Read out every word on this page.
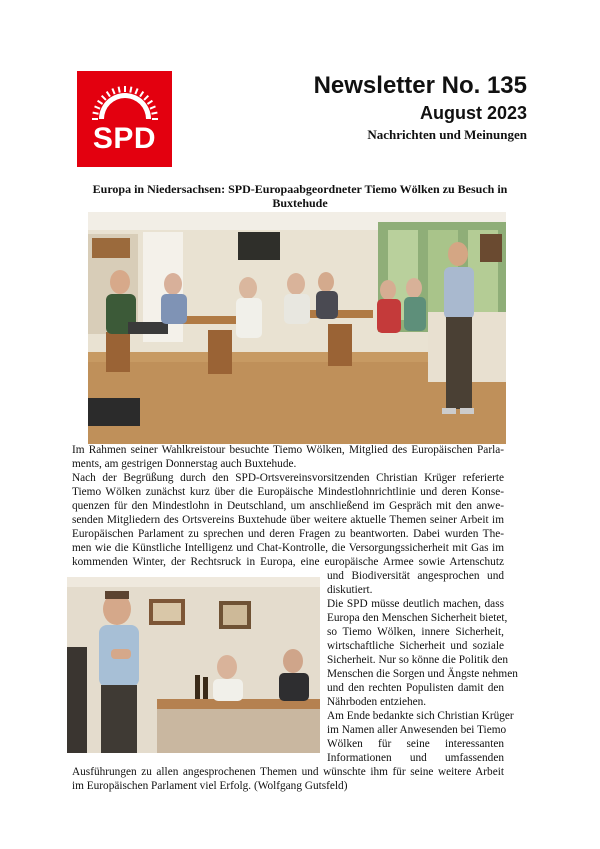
SPD
Newsletter No. 135
August 2023
Nachrichten und Meinungen
Europa in Niedersachsen: SPD-Europaabgeordneter Tiemo Wölken zu Besuch in Buxtehude
Im Rahmen seiner Wahlkreistour besuchte Tiemo Wölken, Mitglied des Europäischen Parla-
ments, am gestrigen Donnerstag auch Buxtehude.
Nach der Begrüßung durch den SPD-Ortsvereinsvorsitzenden Christian Krüger referierte
Tiemo Wölken zunächst kurz über die Europäische Mindestlohnrichtlinie und deren Konse-
quenzen für den Mindestlohn in Deutschland, um anschließend im Gespräch mit den anwe-
senden Mitgliedern des Ortsvereins Buxtehude über weitere aktuelle Themen seiner Arbeit im
Europäischen Parlament zu sprechen und deren Fragen zu beantworten. Dabei wurden The-
men wie die Künstliche Intelligenz und Chat-Kontrolle, die Versorgungssicherheit mit Gas im
kommenden Winter, der Rechtsruck in Europa, eine europäische Armee sowie Artenschutz

und Biodiversität angesprochen und
diskutiert.

Die SPD müsse deutlich machen, dass
Europa den Menschen Sicherheit bietet,
so Tiemo Wölken, innere Sicherheit,
wirtschaftliche Sicherheit und soziale
Sicherheit. Nur so könne die Politik den
Menschen die Sorgen und Ängste nehmen
und den rechten Populisten damit den
Nährboden entziehen.

Am Ende bedankte sich Christian Krüger
im Namen aller Anwesenden bei Tiemo
Wölken für seine interessanten
Informationen und umfassenden

Ausführungen zu allen angesprochenen Themen und wünschte ihm für seine weitere Arbeit
im Europäischen Parlament viel Erfolg. (Wolfgang Gutsfeld)
